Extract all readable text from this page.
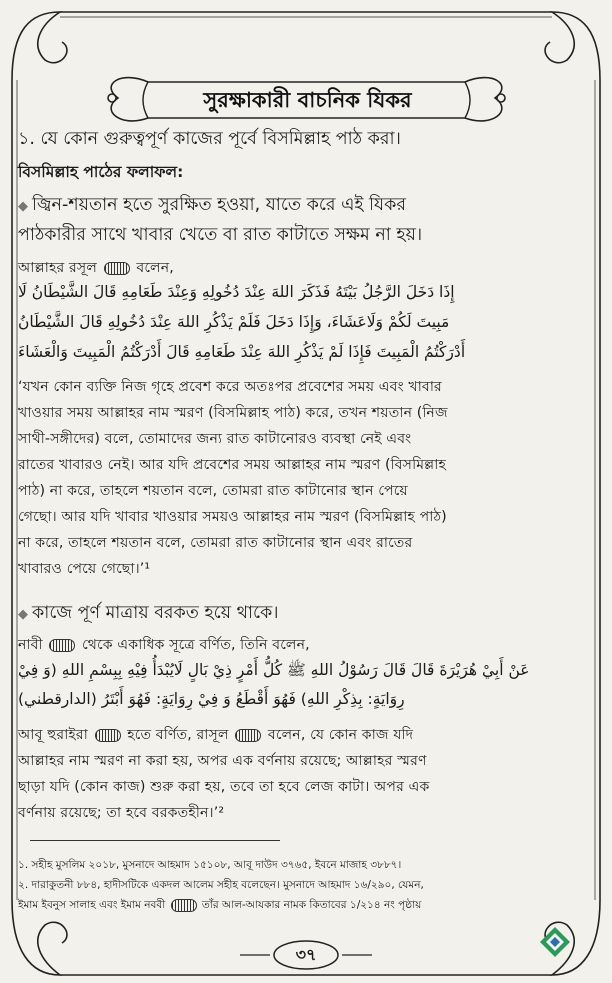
সুরক্ষাকারী বাচনিক যিকর
১. যে কোন গুরুত্বপূর্ণ কাজের পূর্বে বিসমিল্লাহ পাঠ করা।
বিসমিল্লাহ পাঠের ফলাফল:
◆ জ্বিন-শয়তান হতে সুরক্ষিত হওয়া, যাতে করে এই যিকর
পাঠকারীর সাথে খাবার খেতে বা রাত কাটাতে সক্ষম না হয়।
আল্লাহর রসূল	বলেন,
إِذَا دَخَلَ الرَّجُلُ بَيْتَهُ فَذَكَرَ اللهَ عِنْدَ دُخُولِهِ وَعِنْدَ طَعَامِهِ قَالَ الشَّيْطَانُ لَا
مَبِيتَ لَكُمْ وَلَاعَشَاءَ، وَإِذَا دَخَلَ فَلَمْ يَذْكُرِ اللهَ عِنْدَ دُخُولِهِ قَالَ الشَّيْطَانُ
أَدْرَكْتُمُ الْمَبِيتَ فَإِذَا لَمْ يَذْكُرِ اللهَ عِنْدَ طَعَامِهِ قَالَ أَدْرَكْتُمُ الْمَبِيتَ وَالْعَشَاءَ
‘যখন কোন ব্যক্তি নিজ গৃহে প্রবেশ করে অতঃপর প্রবেশের সময় এবং খাবার
খাওয়ার সময় আল্লাহর নাম স্মরণ (বিসমিল্লাহ পাঠ) করে, তখন শয়তান (নিজ
সাথী-সঙ্গীদের) বলে, তোমাদের জন্য রাত কাটানোরও ব্যবস্থা নেই এবং
রাতের খাবারও নেই। আর যদি প্রবেশের সময় আল্লাহর নাম স্মরণ (বিসমিল্লাহ
পাঠ) না করে, তাহলে শয়তান বলে, তোমরা রাত কাটানোর স্থান পেয়ে
গেছো। আর যদি খাবার খাওয়ার সময়ও আল্লাহর নাম স্মরণ (বিসমিল্লাহ পাঠ)
না করে, তাহলে শয়তান বলে, তোমরা রাত কাটানোর স্থান এবং রাতের
খাবারও পেয়ে গেছো।’¹
◆ কাজে পূর্ণ মাত্রায় বরকত হয়ে থাকে।
নাবী	থেকে একাধিক সূত্রে বর্ণিত, তিনি বলেন,
عَنْ أَبِيْ هُرَيْرَةَ قَالَ قَالَ رَسُوْلُ اللهِ ﷺ كُلُّ أَمْرٍ ذِيْ بَالٍ لَايُبْدَأُ فِيْهِ بِبِسْمِ اللهِ (وَ فِيْ
رِوَايَةٍ: بِذِكْرِ اللهِ) فَهُوَ أَقْطَعُ وَ فِيْ رِوَايَةٍ: فَهُوَ أَبْتَرُ (الدارقطني)
আবূ হুরাইরা	হতে বর্ণিত, রাসূল	বলেন, যে কোন কাজ যদি
আল্লাহর নাম স্মরণ না করা হয়, অপর এক বর্ণনায় রয়েছে; আল্লাহর স্মরণ
ছাড়া যদি (কোন কাজ) শুরু করা হয়, তবে তা হবে লেজ কাটা। অপর এক
বর্ণনায় রয়েছে; তা হবে বরকতহীন।’²
১. সহীহ মুসলিম ২০১৮, মুসনাদে আহমাদ ১৫১০৮, আবূ দাউদ ৩৭৬৫, ইবনে মাজাহ ৩৮৮৭।
২. দারাকুতনী ৮৮৪, হাদীসটিকে একদল আলেম সহীহ বলেছেন। মুসনাদে আহমাদ ১৬/২৯০, যেমন,
ইমাম ইবনুস সালাহ এবং ইমাম নববী	তাঁর আল-আযকার নামক কিতাবের ১/২১৪ নং পৃষ্ঠায়
৩৭
